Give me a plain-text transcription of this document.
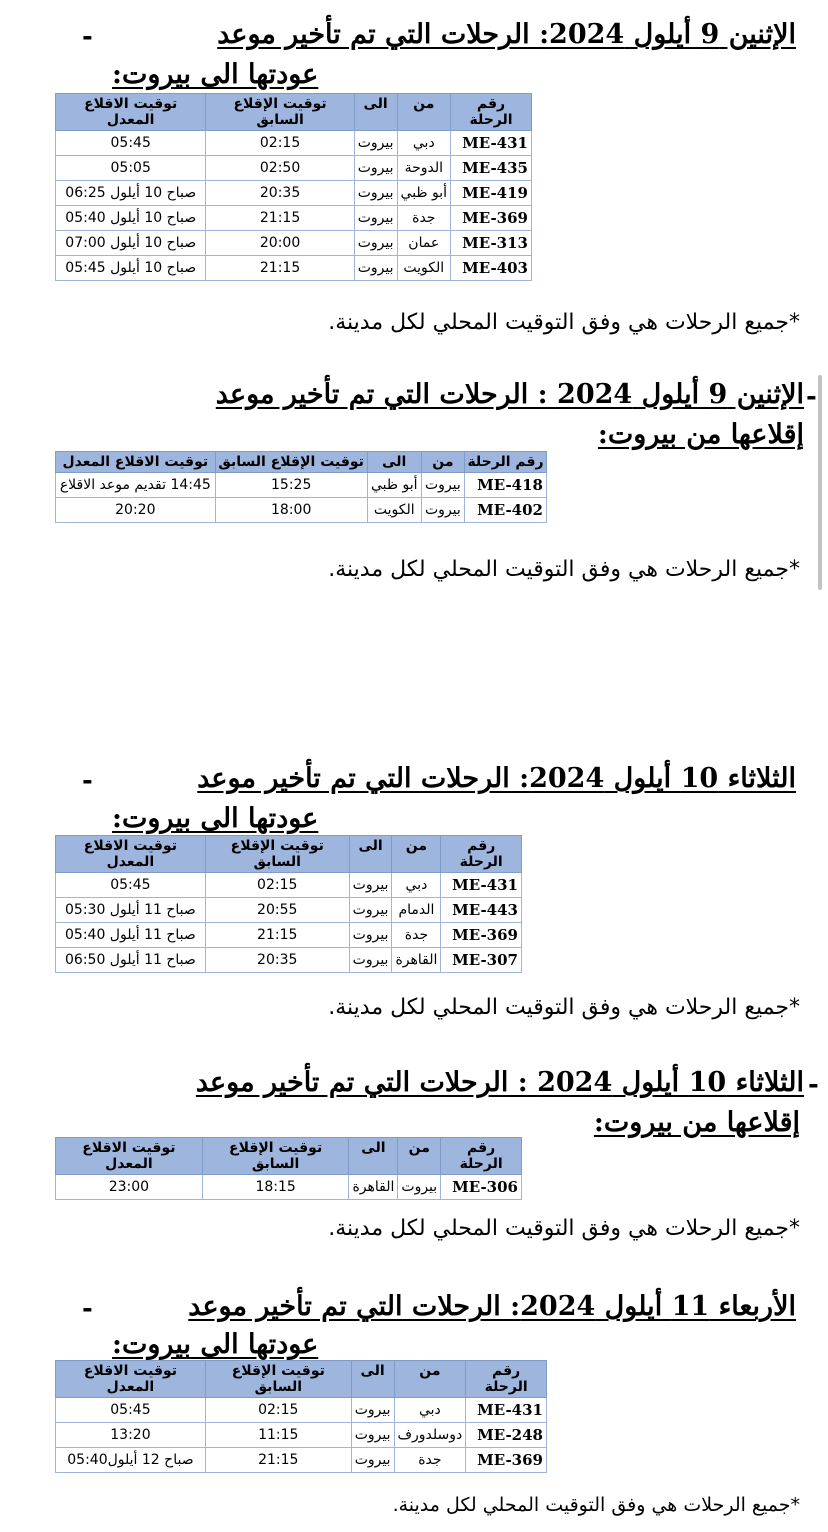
-	الإثنين 9 أيلول 2024: الرحلات التي تم تأخير موعد
عودتها الى بيروت:
رقم الرحلة	من	الى	توقيت الإقلاع السابق	توقيت الاقلاع المعدل
ME-431	دبي	بيروت	02:15	05:45
ME-435	الدوحة	بيروت	02:50	05:05
ME-419	أبو ظبي	بيروت	20:35	صباح 10 أيلول 06:25
ME-369	جدة	بيروت	21:15	صباح 10 أيلول 05:40
ME-313	عمان	بيروت	20:00	صباح 10 أيلول 07:00
ME-403	الكويت	بيروت	21:15	صباح 10 أيلول 05:45
*جميع الرحلات هي وفق التوقيت المحلي لكل مدينة.
-
الإثنين 9 أيلول 2024 : الرحلات التي تم تأخير موعد
إقلاعها من بيروت:
رقم الرحلة	من	الى	توقيت الإقلاع السابق	توقيت الاقلاع المعدل
ME-418	بيروت	أبو ظبي	15:25	14:45 تقديم موعد الاقلاع
ME-402	بيروت	الكويت	18:00	20:20
*جميع الرحلات هي وفق التوقيت المحلي لكل مدينة.
-	الثلاثاء 10 أيلول 2024: الرحلات التي تم تأخير موعد
عودتها الى بيروت:
رقم الرحلة	من	الى	توقيت الإقلاع السابق	توقيت الاقلاع المعدل
ME-431	دبي	بيروت	02:15	05:45
ME-443	الدمام	بيروت	20:55	صباح 11 أيلول 05:30
ME-369	جدة	بيروت	21:15	صباح 11 أيلول 05:40
ME-307	القاهرة	بيروت	20:35	صباح 11 أيلول 06:50
*جميع الرحلات هي وفق التوقيت المحلي لكل مدينة.
-
الثلاثاء 10 أيلول 2024 : الرحلات التي تم تأخير موعد
إقلاعها من بيروت:
رقم الرحلة	من	الى	توقيت الإقلاع السابق	توقيت الاقلاع المعدل
ME-306	بيروت	القاهرة	18:15	23:00
*جميع الرحلات هي وفق التوقيت المحلي لكل مدينة.
-	الأربعاء 11 أيلول 2024: الرحلات التي تم تأخير موعد
عودتها الى بيروت:
رقم الرحلة	من	الى	توقيت الإقلاع السابق	توقيت الاقلاع المعدل
ME-431	دبي	بيروت	02:15	05:45
ME-248	دوسلدورف	بيروت	11:15	13:20
ME-369	جدة	بيروت	21:15	صباح 12 أيلول05:40
*جميع الرحلات هي وفق التوقيت المحلي لكل مدينة.
